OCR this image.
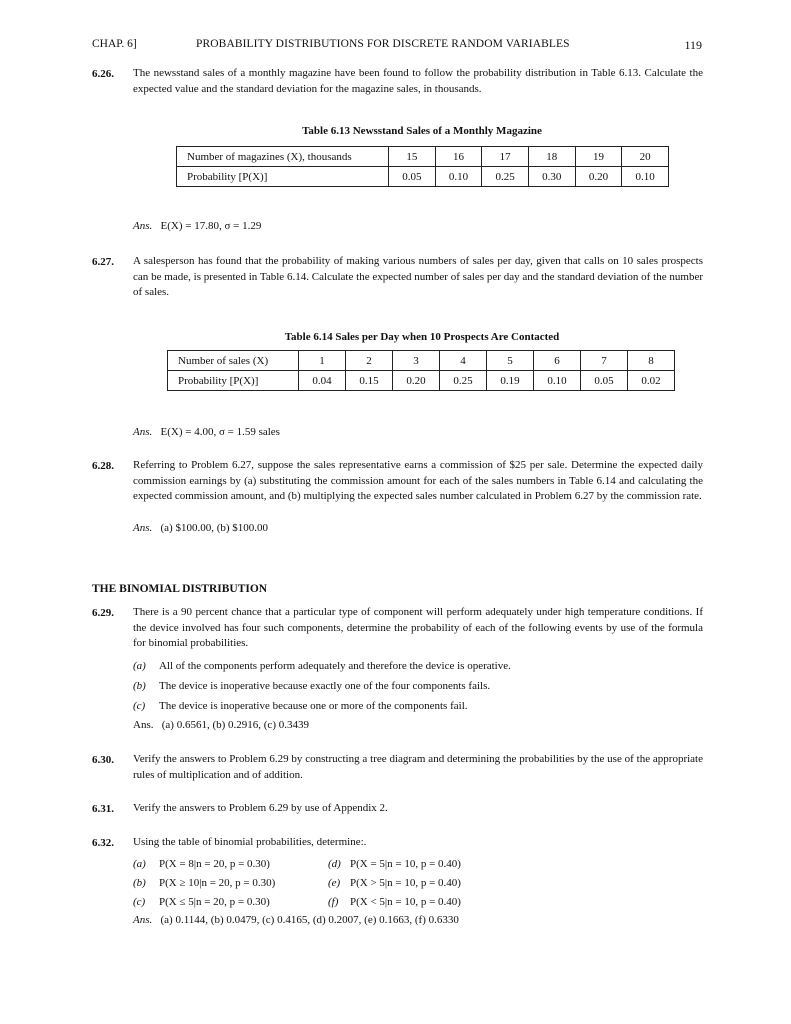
CHAP. 6]	PROBABILITY DISTRIBUTIONS FOR DISCRETE RANDOM VARIABLES	119
6.26. The newsstand sales of a monthly magazine have been found to follow the probability distribution in Table 6.13. Calculate the expected value and the standard deviation for the magazine sales, in thousands.
Table 6.13 Newsstand Sales of a Monthly Magazine
Number of magazines (X), thousands	15	16	17	18	19	20
Probability [P(X)]	0.05	0.10	0.25	0.30	0.20	0.10
Ans. E(X) = 17.80, σ = 1.29
6.27. A salesperson has found that the probability of making various numbers of sales per day, given that calls on 10 sales prospects can be made, is presented in Table 6.14. Calculate the expected number of sales per day and the standard deviation of the number of sales.
Table 6.14 Sales per Day when 10 Prospects Are Contacted
Number of sales (X)	1	2	3	4	5	6	7	8
Probability [P(X)]	0.04	0.15	0.20	0.25	0.19	0.10	0.05	0.02
Ans. E(X) = 4.00, σ = 1.59 sales
6.28. Referring to Problem 6.27, suppose the sales representative earns a commission of $25 per sale. Determine the expected daily commission earnings by (a) substituting the commission amount for each of the sales numbers in Table 6.14 and calculating the expected commission amount, and (b) multiplying the expected sales number calculated in Problem 6.27 by the commission rate.
Ans. (a) $100.00, (b) $100.00
THE BINOMIAL DISTRIBUTION
6.29. There is a 90 percent chance that a particular type of component will perform adequately under high temperature conditions. If the device involved has four such components, determine the probability of each of the following events by use of the formula for binomial probabilities.
(a) All of the components perform adequately and therefore the device is operative.
(b) The device is inoperative because exactly one of the four components fails.
(c) The device is inoperative because one or more of the components fail.
Ans. (a) 0.6561, (b) 0.2916, (c) 0.3439
6.30. Verify the answers to Problem 6.29 by constructing a tree diagram and determining the probabilities by the use of the appropriate rules of multiplication and of addition.
6.31. Verify the answers to Problem 6.29 by use of Appendix 2.
6.32. Using the table of binomial probabilities, determine:.
(a) P(X = 8|n = 20, p = 0.30)
(b) P(X ≥ 10|n = 20, p = 0.30)
(c) P(X ≤ 5|n = 20, p = 0.30)
(d) P(X = 5|n = 10, p = 0.40)
(e) P(X > 5|n = 10, p = 0.40)
(f) P(X < 5|n = 10, p = 0.40)
Ans. (a) 0.1144, (b) 0.0479, (c) 0.4165, (d) 0.2007, (e) 0.1663, (f) 0.6330
